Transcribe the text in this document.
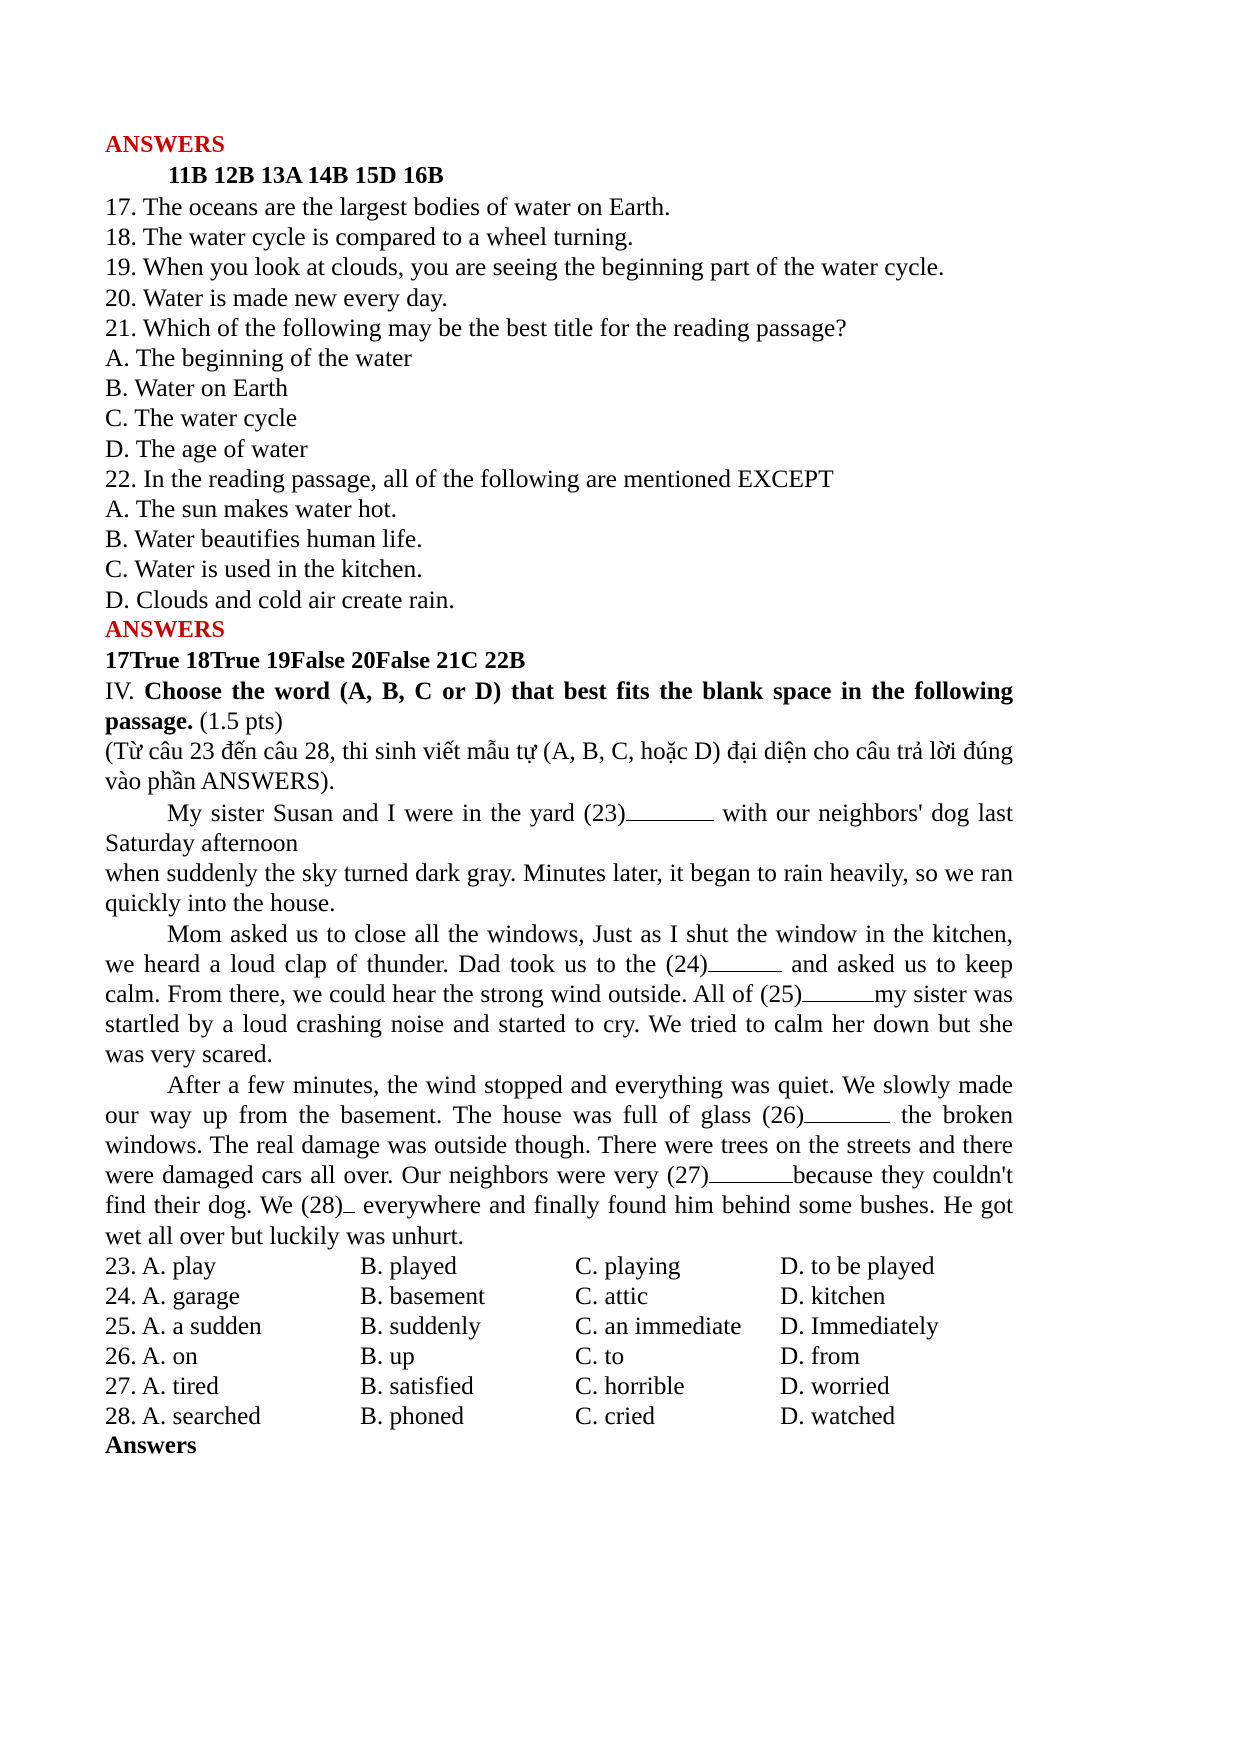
ANSWERS
11B 12B 13A 14B 15D 16B
17. The oceans are the largest bodies of water on Earth.
18. The water cycle is compared to a wheel turning.
19. When you look at clouds, you are seeing the beginning part of the water cycle.
20. Water is made new every day.
21. Which of the following may be the best title for the reading passage?
A. The beginning of the water
B. Water on Earth
C. The water cycle
D. The age of water
22. In the reading passage, all of the following are mentioned EXCEPT
A. The sun makes water hot.
B. Water beautifies human life.
C. Water is used in the kitchen.
D. Clouds and cold air create rain.
ANSWERS
17True 18True 19False 20False 21C 22B
IV. Choose the word (A, B, C or D) that best fits the blank space in the following passage. (1.5 pts)
(Từ câu 23 đến câu 28, thi sinh viết mẫu tự (A, B, C, hoặc D) đại diện cho câu trả lời đúng vào phần ANSWERS).

My sister Susan and I were in the yard (23)	with our neighbors' dog last Saturday afternoon

when suddenly the sky turned dark gray. Minutes later, it began to rain heavily, so we ran quickly into the house.

Mom asked us to close all the windows, Just as I shut the window in the kitchen, we heard a loud clap of thunder. Dad took us to the (24)	and asked us to keep calm. From there, we could hear the strong wind outside. All of (25)	my sister was startled by a loud crashing noise and started to cry. We tried to calm her down but she was very scared.

After a few minutes, the wind stopped and everything was quiet. We slowly made our way up from the basement. The house was full of glass (26)	the broken windows. The real damage was outside though. There were trees on the streets and there were damaged cars all over. Our neighbors were very (27)	because they couldn't find their dog. We (28) everywhere and finally found him behind some bushes. He got wet all over but luckily was unhurt.

23. A. play	B. played	C. playing	D. to be played
24. A. garage	B. basement	C. attic	D. kitchen
25. A. a sudden	B. suddenly	C. an immediate	D. Immediately
26. A. on	B. up	C. to	D. from
27. A. tired	B. satisfied	C. horrible	D. worried
28. A. searched	B. phoned	C. cried	D. watched
Answers
